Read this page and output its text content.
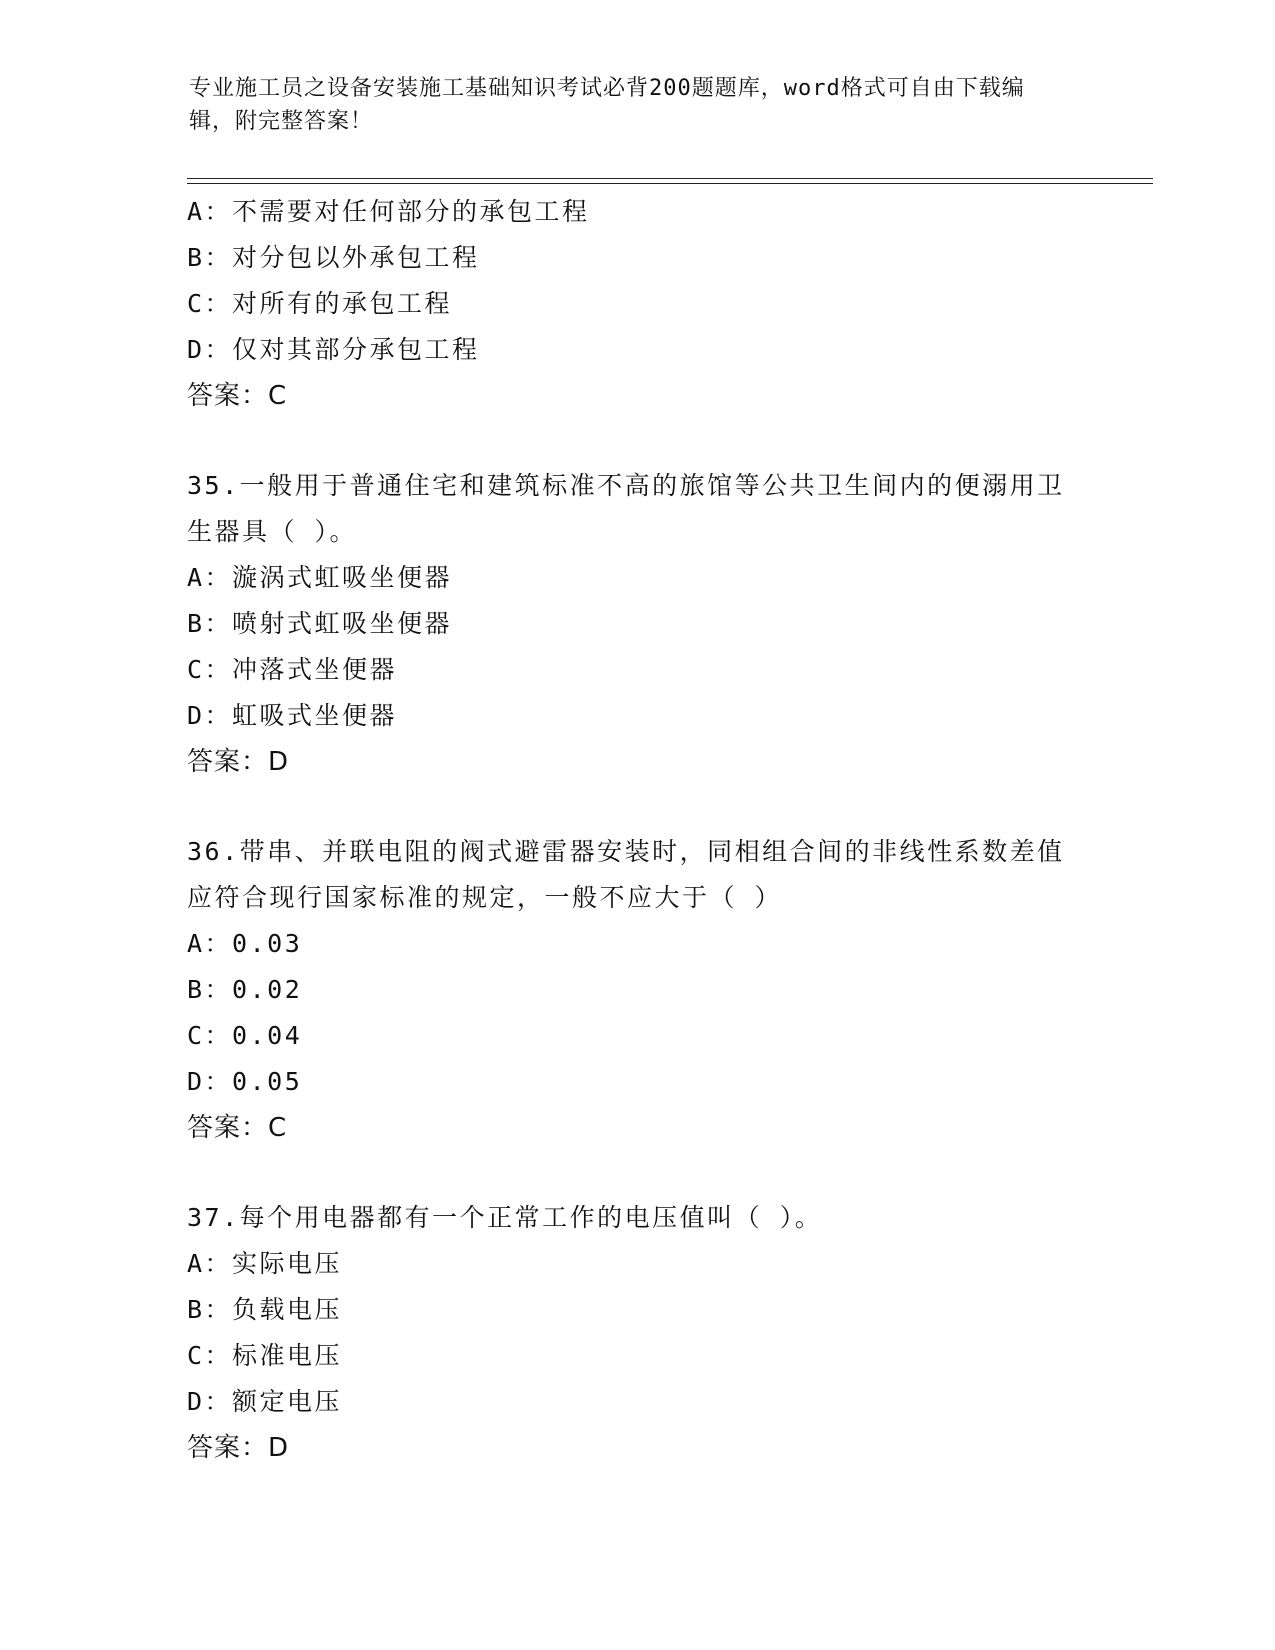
专业施工员之设备安装施工基础知识考试必背200题题库，word格式可自由下载编辑，附完整答案！
A：不需要对任何部分的承包工程
B：对分包以外承包工程
C：对所有的承包工程
D：仅对其部分承包工程
答案：C
35.一般用于普通住宅和建筑标准不高的旅馆等公共卫生间内的便溺用卫生器具（ ）。
A：漩涡式虹吸坐便器
B：喷射式虹吸坐便器
C：冲落式坐便器
D：虹吸式坐便器
答案：D
36.带串、并联电阻的阀式避雷器安装时，同相组合间的非线性系数差值应符合现行国家标准的规定，一般不应大于（ ）
A：0.03
B：0.02
C：0.04
D：0.05
答案：C
37.每个用电器都有一个正常工作的电压值叫（ ）。
A：实际电压
B：负载电压
C：标准电压
D：额定电压
答案：D
